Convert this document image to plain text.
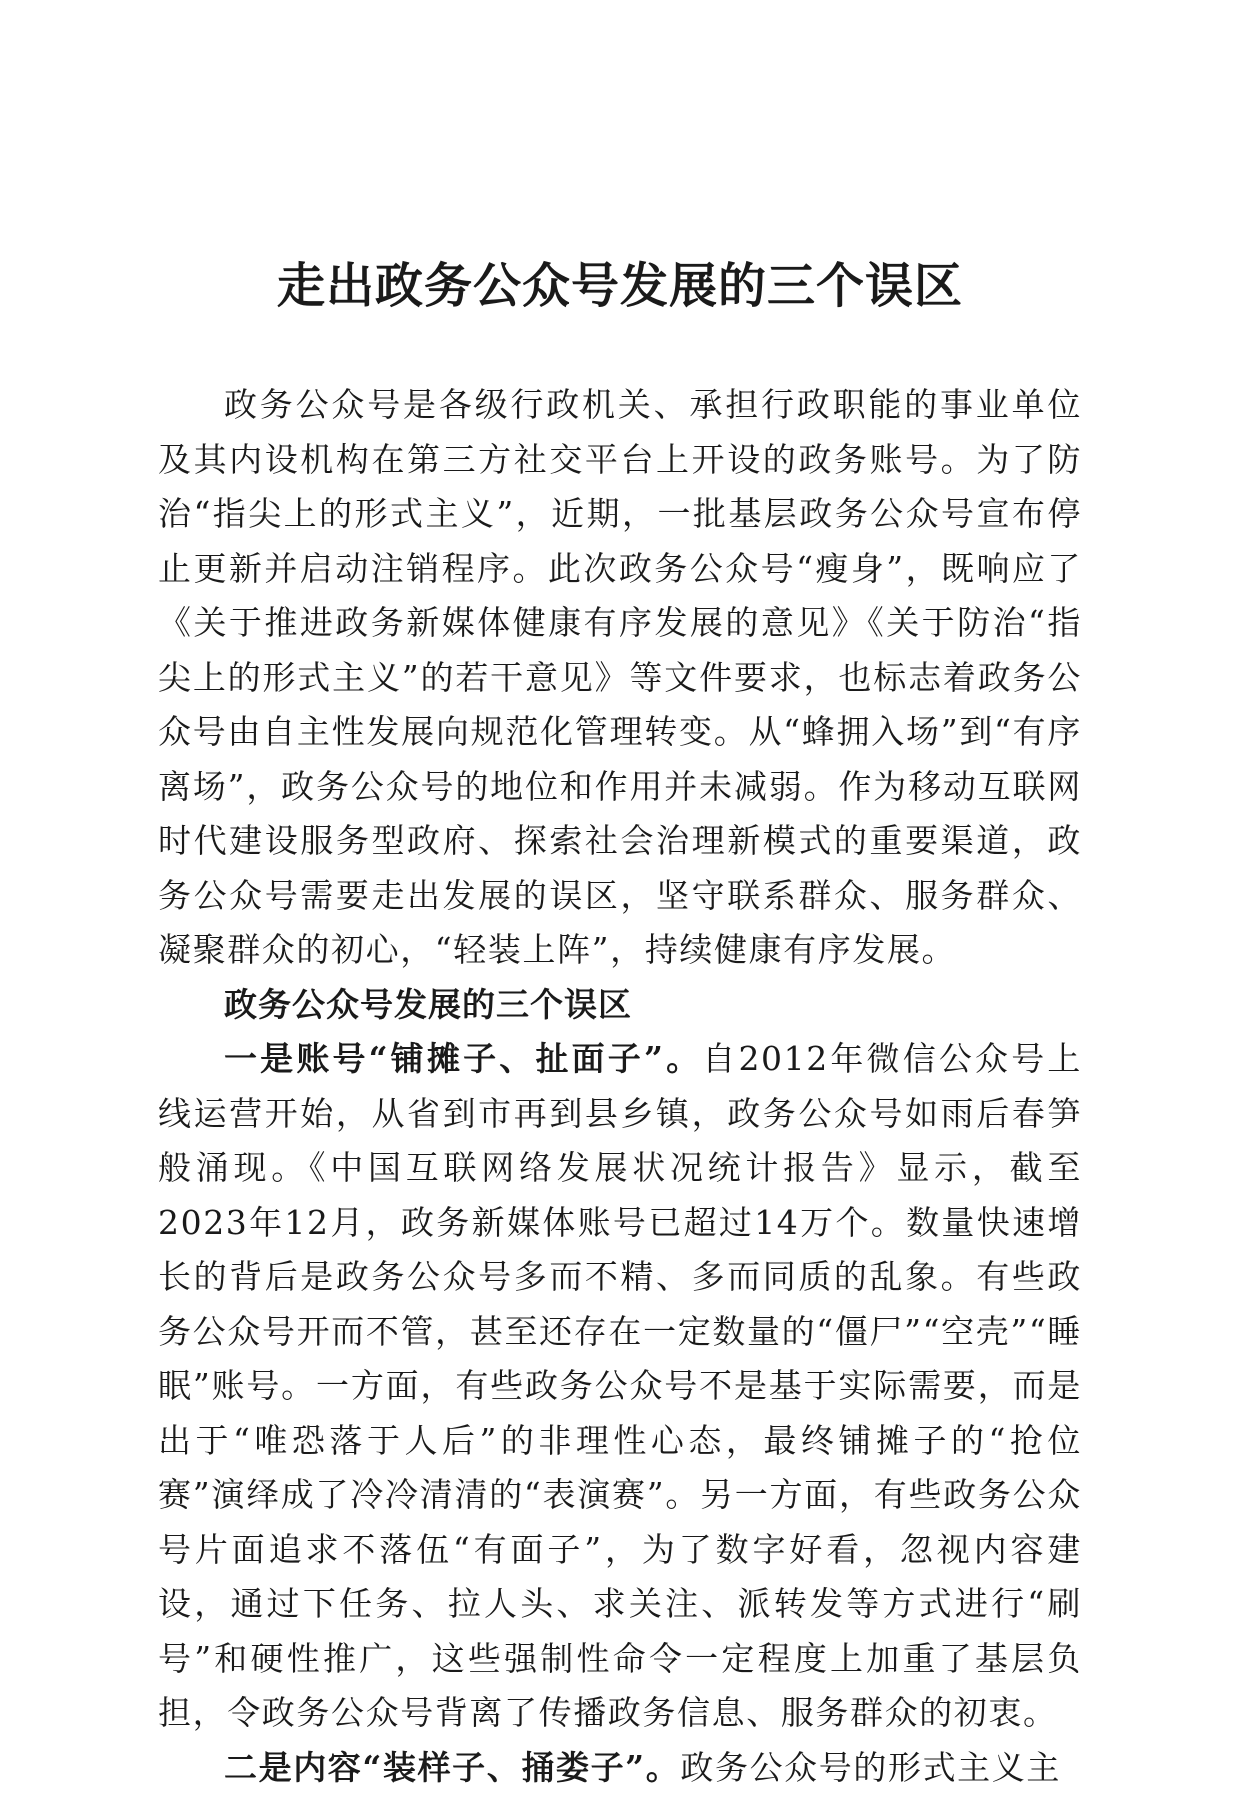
走出政务公众号发展的三个误区

政务公众号是各级行政机关、承担行政职能的事业单位及其内设机构在第三方社交平台上开设的政务账号。为了防治“指尖上的形式主义”，近期，一批基层政务公众号宣布停止更新并启动注销程序。此次政务公众号“瘦身”，既响应了《关于推进政务新媒体健康有序发展的意见》《关于防治“指尖上的形式主义”的若干意见》等文件要求，也标志着政务公众号由自主性发展向规范化管理转变。从“蜂拥入场”到“有序离场”，政务公众号的地位和作用并未减弱。作为移动互联网时代建设服务型政府、探索社会治理新模式的重要渠道，政务公众号需要走出发展的误区，坚守联系群众、服务群众、凝聚群众的初心，“轻装上阵”，持续健康有序发展。

政务公众号发展的三个误区

一是账号“铺摊子、扯面子”。自2012年微信公众号上线运营开始，从省到市再到县乡镇，政务公众号如雨后春笋般涌现。《中国互联网络发展状况统计报告》显示，截至2023年12月，政务新媒体账号已超过14万个。数量快速增长的背后是政务公众号多而不精、多而同质的乱象。有些政务公众号开而不管，甚至还存在一定数量的“僵尸”“空壳”“睡眠”账号。一方面，有些政务公众号不是基于实际需要，而是出于“唯恐落于人后”的非理性心态，最终铺摊子的“抢位赛”演绎成了冷冷清清的“表演赛”。另一方面，有些政务公众号片面追求不落伍“有面子”，为了数字好看，忽视内容建设，通过下任务、拉人头、求关注、派转发等方式进行“刷号”和硬性推广，这些强制性命令一定程度上加重了基层负担，令政务公众号背离了传播政务信息、服务群众的初衷。

二是内容“装样子、捅娄子”。政务公众号的形式主义主
